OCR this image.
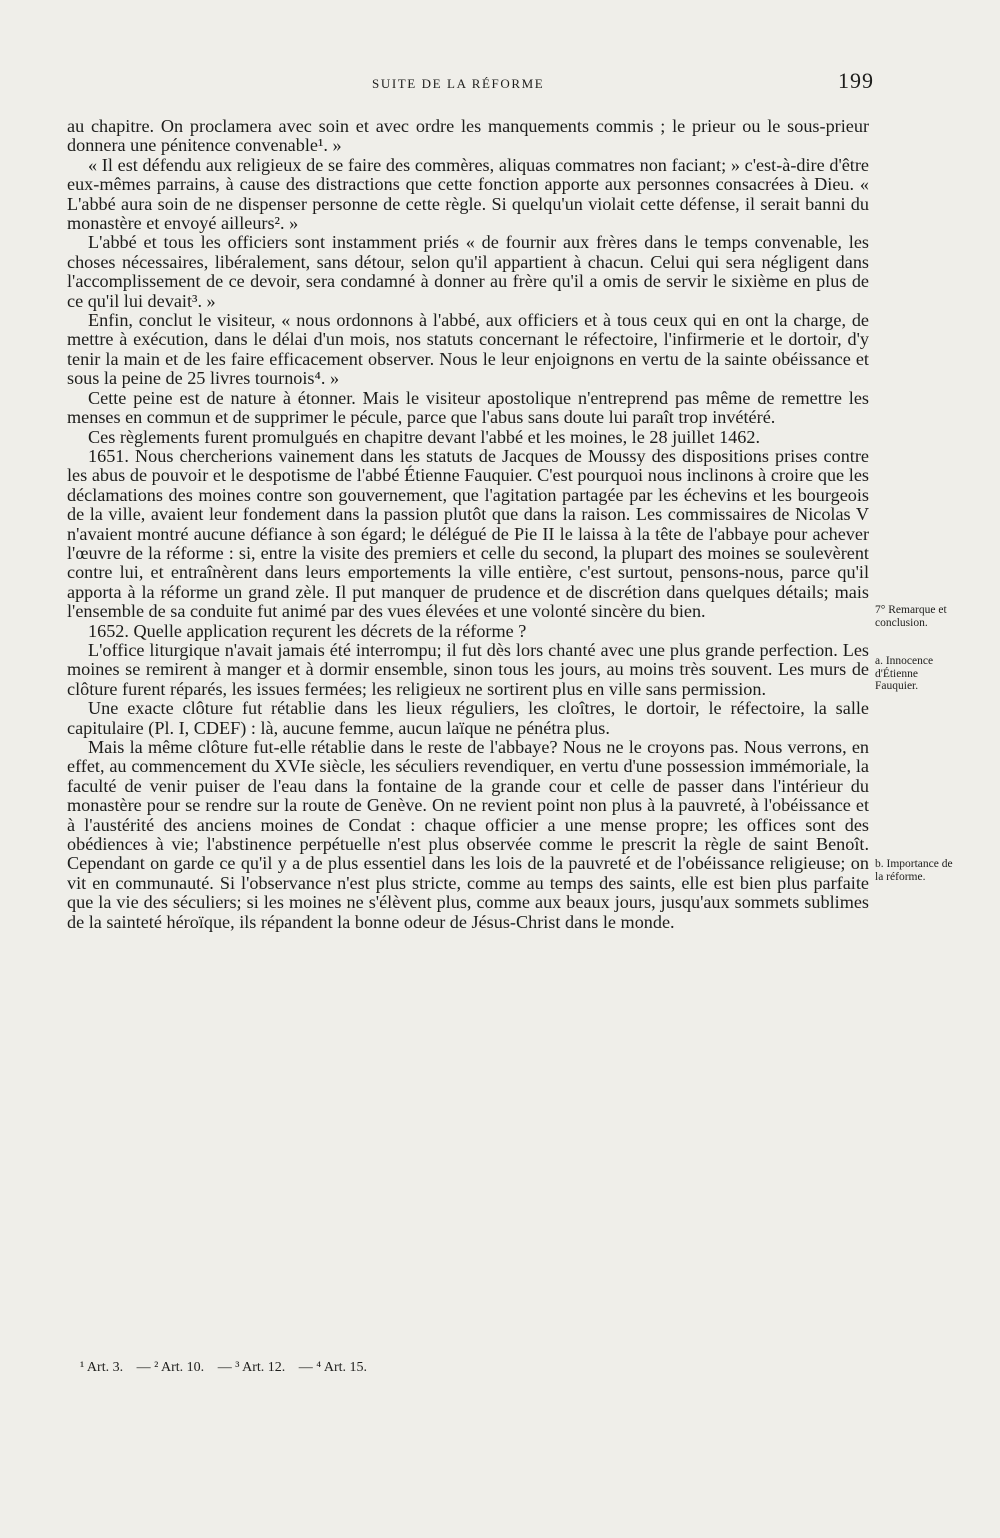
SUITE DE LA RÉFORME	199

au chapitre. On proclamera avec soin et avec ordre les manquements commis ; le prieur ou le sous-prieur donnera une pénitence convenable¹. »

« Il est défendu aux religieux de se faire des commères, aliquas commatres non faciant; » c'est-à-dire d'être eux-mêmes parrains, à cause des distractions que cette fonction apporte aux personnes consacrées à Dieu. « L'abbé aura soin de ne dispenser personne de cette règle. Si quelqu'un violait cette défense, il serait banni du monastère et envoyé ailleurs². »

L'abbé et tous les officiers sont instamment priés « de fournir aux frères dans le temps convenable, les choses nécessaires, libéralement, sans détour, selon qu'il appartient à chacun. Celui qui sera négligent dans l'accomplissement de ce devoir, sera condamné à donner au frère qu'il a omis de servir le sixième en plus de ce qu'il lui devait³. »

Enfin, conclut le visiteur, « nous ordonnons à l'abbé, aux officiers et à tous ceux qui en ont la charge, de mettre à exécution, dans le délai d'un mois, nos statuts concernant le réfectoire, l'infirmerie et le dortoir, d'y tenir la main et de les faire efficacement observer. Nous le leur enjoignons en vertu de la sainte obéissance et sous la peine de 25 livres tournois⁴. »

Cette peine est de nature à étonner. Mais le visiteur apostolique n'entreprend pas même de remettre les menses en commun et de supprimer le pécule, parce que l'abus sans doute lui paraît trop invétéré.

Ces règlements furent promulgués en chapitre devant l'abbé et les moines, le 28 juillet 1462.

1651. Nous chercherions vainement dans les statuts de Jacques de Moussy des dispositions prises contre les abus de pouvoir et le despotisme de l'abbé Étienne Fauquier. C'est pourquoi nous inclinons à croire que les déclamations des moines contre son gouvernement, que l'agitation partagée par les échevins et les bourgeois de la ville, avaient leur fondement dans la passion plutôt que dans la raison. Les commissaires de Nicolas V n'avaient montré aucune défiance à son égard; le délégué de Pie II le laissa à la tête de l'abbaye pour achever l'œuvre de la réforme : si, entre la visite des premiers et celle du second, la plupart des moines se soulevèrent contre lui, et entraînèrent dans leurs emportements la ville entière, c'est surtout, pensons-nous, parce qu'il apporta à la réforme un grand zèle. Il put manquer de prudence et de discrétion dans quelques détails; mais l'ensemble de sa conduite fut animé par des vues élevées et une volonté sincère du bien.

1652. Quelle application reçurent les décrets de la réforme ?

L'office liturgique n'avait jamais été interrompu; il fut dès lors chanté avec une plus grande perfection. Les moines se remirent à manger et à dormir ensemble, sinon tous les jours, au moins très souvent. Les murs de clôture furent réparés, les issues fermées; les religieux ne sortirent plus en ville sans permission.

Une exacte clôture fut rétablie dans les lieux réguliers, les cloîtres, le dortoir, le réfectoire, la salle capitulaire (Pl. I, CDEF) : là, aucune femme, aucun laïque ne pénétra plus.

Mais la même clôture fut-elle rétablie dans le reste de l'abbaye? Nous ne le croyons pas. Nous verrons, en effet, au commencement du XVIe siècle, les séculiers revendiquer, en vertu d'une possession immémoriale, la faculté de venir puiser de l'eau dans la fontaine de la grande cour et celle de passer dans l'intérieur du monastère pour se rendre sur la route de Genève. On ne revient point non plus à la pauvreté, à l'obéissance et à l'austérité des anciens moines de Condat : chaque officier a une mense propre; les offices sont des obédiences à vie; l'abstinence perpétuelle n'est plus observée comme le prescrit la règle de saint Benoît. Cependant on garde ce qu'il y a de plus essentiel dans les lois de la pauvreté et de l'obéissance religieuse; on vit en communauté. Si l'observance n'est plus stricte, comme au temps des saints, elle est bien plus parfaite que la vie des séculiers; si les moines ne s'élèvent plus, comme aux beaux jours, jusqu'aux sommets sublimes de la sainteté héroïque, ils répandent la bonne odeur de Jésus-Christ dans le monde.

7° Remarque et conclusion.
a. Innocence d'Étienne Fauquier.
b. Importance de la réforme.
¹ Art. 3. — ² Art. 10. — ³ Art. 12. — ⁴ Art. 15.
